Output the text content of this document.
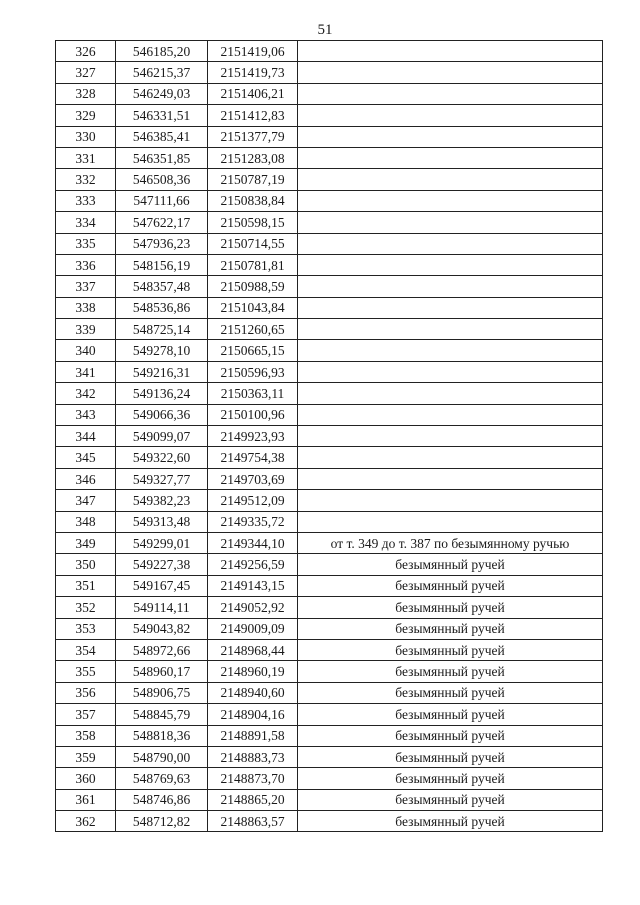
51
326	546185,20	2151419,06	
327	546215,37	2151419,73	
328	546249,03	2151406,21	
329	546331,51	2151412,83	
330	546385,41	2151377,79	
331	546351,85	2151283,08	
332	546508,36	2150787,19	
333	547111,66	2150838,84	
334	547622,17	2150598,15	
335	547936,23	2150714,55	
336	548156,19	2150781,81	
337	548357,48	2150988,59	
338	548536,86	2151043,84	
339	548725,14	2151260,65	
340	549278,10	2150665,15	
341	549216,31	2150596,93	
342	549136,24	2150363,11	
343	549066,36	2150100,96	
344	549099,07	2149923,93	
345	549322,60	2149754,38	
346	549327,77	2149703,69	
347	549382,23	2149512,09	
348	549313,48	2149335,72	
349	549299,01	2149344,10	от т. 349 до т. 387 по безымянному ручью
350	549227,38	2149256,59	безымянный ручей
351	549167,45	2149143,15	безымянный ручей
352	549114,11	2149052,92	безымянный ручей
353	549043,82	2149009,09	безымянный ручей
354	548972,66	2148968,44	безымянный ручей
355	548960,17	2148960,19	безымянный ручей
356	548906,75	2148940,60	безымянный ручей
357	548845,79	2148904,16	безымянный ручей
358	548818,36	2148891,58	безымянный ручей
359	548790,00	2148883,73	безымянный ручей
360	548769,63	2148873,70	безымянный ручей
361	548746,86	2148865,20	безымянный ручей
362	548712,82	2148863,57	безымянный ручей
